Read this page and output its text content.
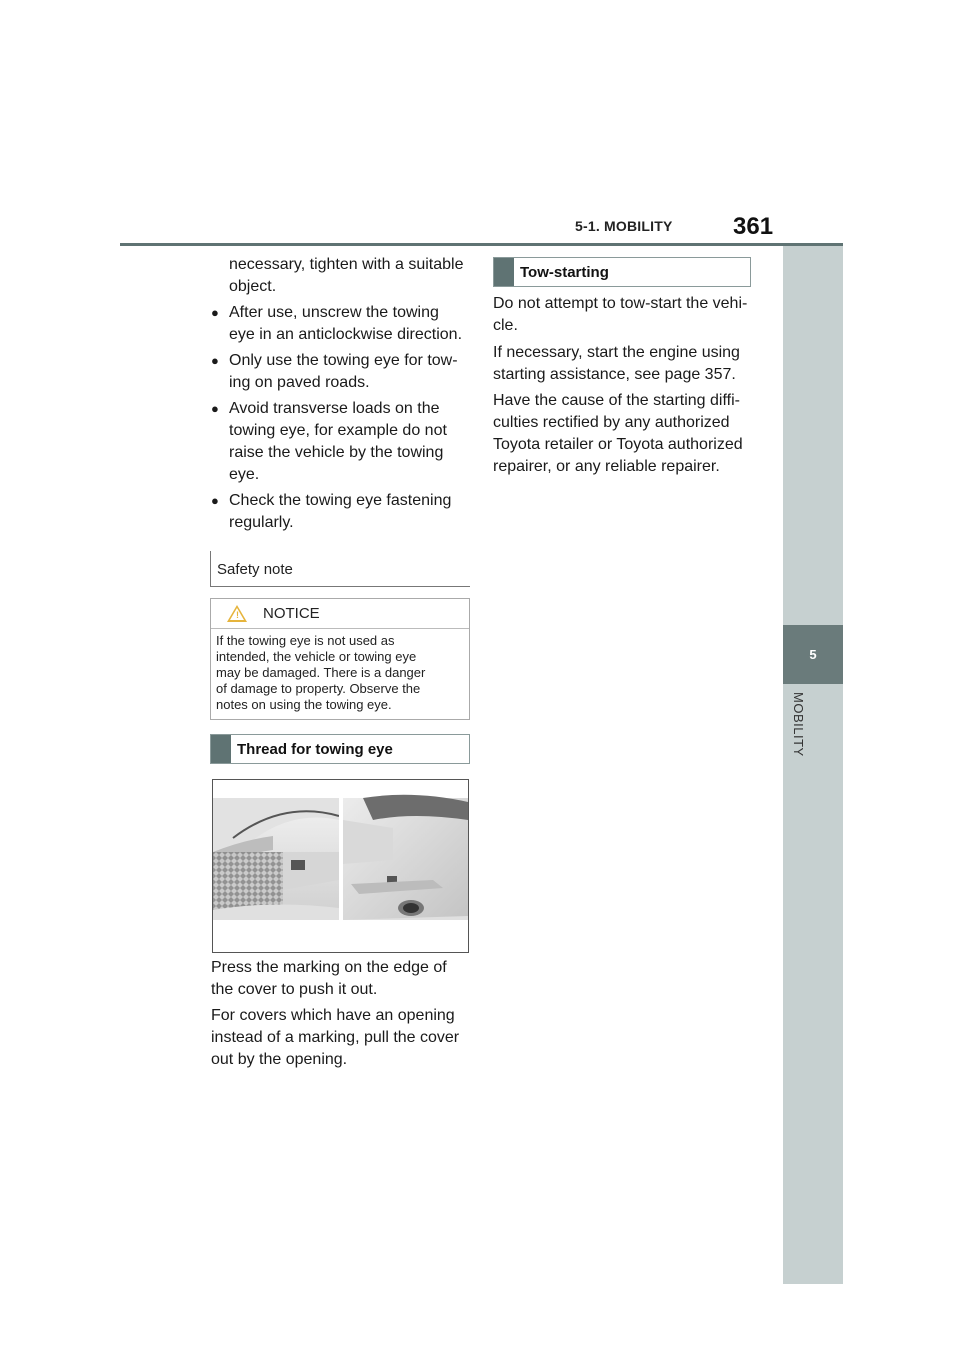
5-1. MOBILITY	361
5
MOBILITY
necessary, tighten with a suitable
object.
● After use, unscrew the towing
eye in an anticlockwise direction.
● Only use the towing eye for tow-
ing on paved roads.
● Avoid transverse loads on the
towing eye, for example do not
raise the vehicle by the towing
eye.
● Check the towing eye fastening
regularly.
Safety note
! NOTICE
If the towing eye is not used as
intended, the vehicle or towing eye
may be damaged. There is a danger
of damage to property. Observe the
notes on using the towing eye.
Thread for towing eye
Press the marking on the edge of
the cover to push it out.
For covers which have an opening
instead of a marking, pull the cover
out by the opening.
Tow-starting
Do not attempt to tow-start the vehi-
cle.
If necessary, start the engine using
starting assistance, see page 357.
Have the cause of the starting diffi-
culties rectified by any authorized
Toyota retailer or Toyota authorized
repairer, or any reliable repairer.
